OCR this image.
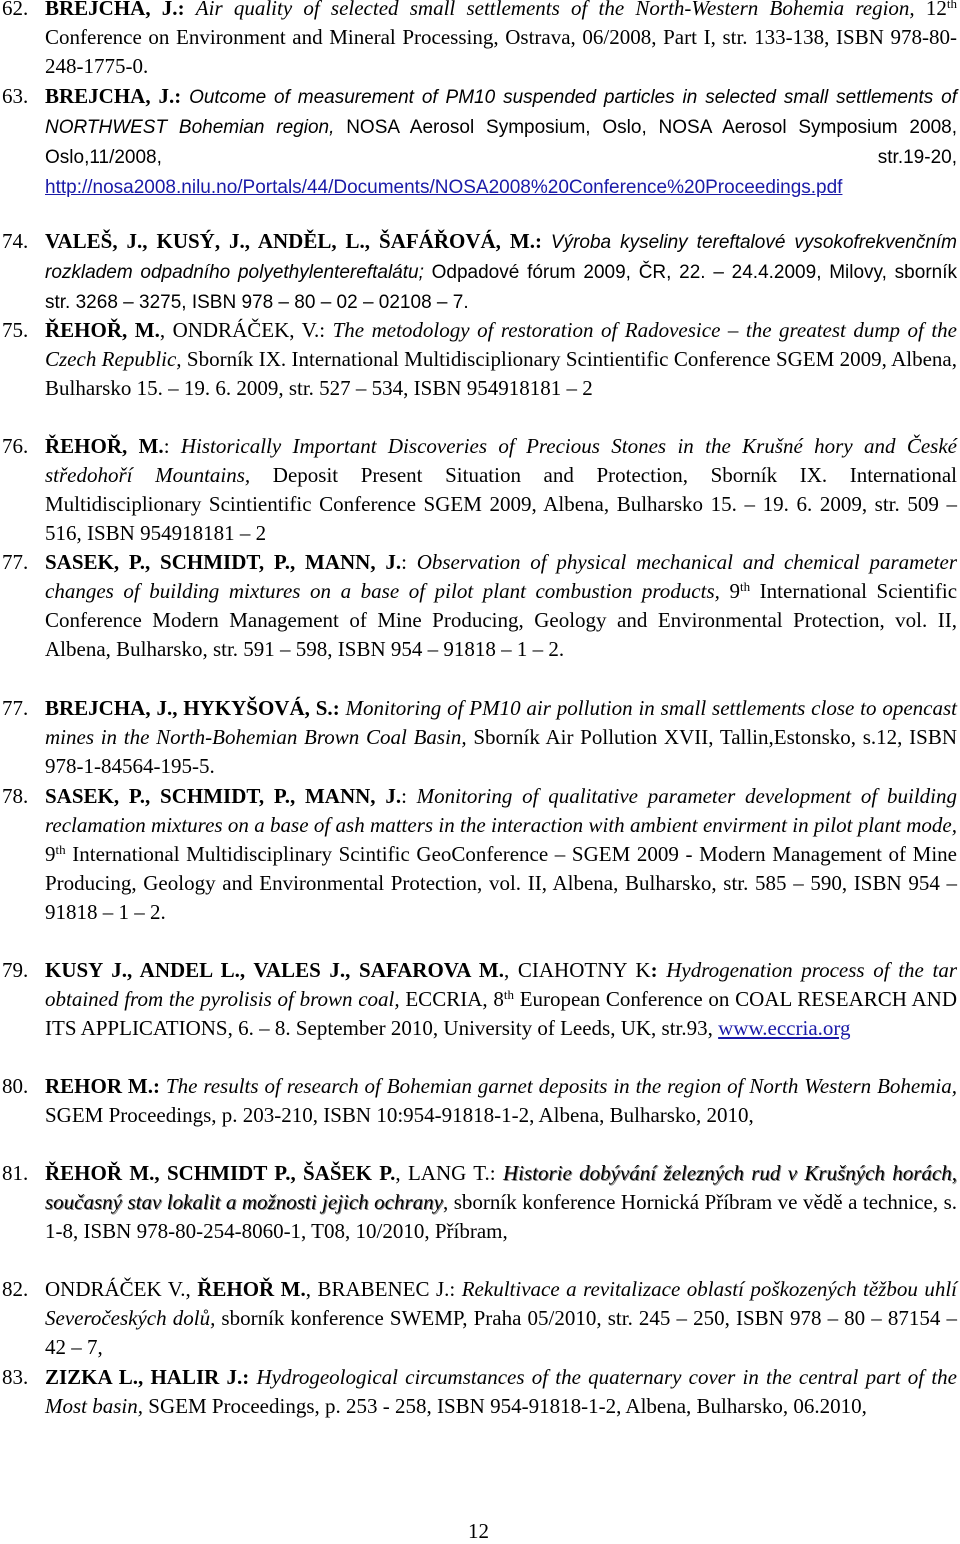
62. BREJCHA, J.: Air quality of selected small settlements of the North-Western Bohemia region, 12th Conference on Environment and Mineral Processing, Ostrava, 06/2008, Part I, str. 133-138, ISBN 978-80-248-1775-0.
63. BREJCHA, J.: Outcome of measurement of PM10 suspended particles in selected small settlements of NORTHWEST Bohemian region, NOSA Aerosol Symposium, Oslo, NOSA Aerosol Symposium 2008, Oslo,11/2008, str.19-20, http://nosa2008.nilu.no/Portals/44/Documents/NOSA2008%20Conference%20Proceedings.pdf
74. VALEŠ, J., KUSÝ, J., ANDĚL, L., ŠAFÁŘOVÁ, M.: Výroba kyseliny tereftalové vysokofrekvenčním rozkladem odpadního polyethylentereftalátu; Odpadové fórum 2009, ČR, 22. – 24.4.2009, Milovy, sborník str. 3268 – 3275, ISBN 978 – 80 – 02 – 02108 – 7.
75. ŘEHOŘ, M., ONDRÁČEK, V.: The metodology of restoration of Radovesice – the greatest dump of the Czech Republic, Sborník IX. International Multidisciplionary Scintientific Conference SGEM 2009, Albena, Bulharsko 15. – 19. 6. 2009, str. 527 – 534, ISBN 954918181 – 2
76. ŘEHOŘ, M.: Historically Important Discoveries of Precious Stones in the Krušné hory and České středohoří Mountains, Deposit Present Situation and Protection, Sborník IX. International Multidisciplionary Scintientific Conference SGEM 2009, Albena, Bulharsko 15. – 19. 6. 2009, str. 509 – 516, ISBN 954918181 – 2
77. SASEK, P., SCHMIDT, P., MANN, J.: Observation of physical mechanical and chemical parameter changes of building mixtures on a base of pilot plant combustion products, 9th International Scientific Conference Modern Management of Mine Producing, Geology and Environmental Protection, vol. II, Albena, Bulharsko, str. 591 – 598, ISBN 954 – 91818 – 1 – 2.
77. BREJCHA, J., HYKYŠOVÁ, S.: Monitoring of PM10 air pollution in small settlements close to opencast mines in the North-Bohemian Brown Coal Basin, Sborník Air Pollution XVII, Tallin,Estonsko, s.12, ISBN 978-1-84564-195-5.
78. SASEK, P., SCHMIDT, P., MANN, J.: Monitoring of qualitative parameter development of building reclamation mixtures on a base of ash matters in the interaction with ambient envirment in pilot plant mode, 9th International Multidisciplinary Scintific GeoConference – SGEM 2009 - Modern Management of Mine Producing, Geology and Environmental Protection, vol. II, Albena, Bulharsko, str. 585 – 590, ISBN 954 – 91818 – 1 – 2.
79. KUSY J., ANDEL L., VALES J., SAFAROVA M., CIAHOTNY K: Hydrogenation process of the tar obtained from the pyrolisis of brown coal, ECCRIA, 8th European Conference on COAL RESEARCH AND ITS APPLICATIONS, 6. – 8. September 2010, University of Leeds, UK, str.93, www.eccria.org
80. REHOR M.: The results of research of Bohemian garnet deposits in the region of North Western Bohemia, SGEM Proceedings, p. 203-210, ISBN 10:954-91818-1-2, Albena, Bulharsko, 2010,
81. ŘEHOŘ M., SCHMIDT P., ŠAŠEK P., LANG T.: Historie dobývání železných rud v Krušných horách, současný stav lokalit a možnosti jejich ochrany, sborník konference Hornická Příbram ve vědě a technice, s. 1-8, ISBN 978-80-254-8060-1, T08, 10/2010, Příbram,
82. ONDRÁČEK V., ŘEHOŘ M., BRABENEC J.: Rekultivace a revitalizace oblastí poškozených těžbou uhlí Severočeských dolů, sborník konference SWEMP, Praha 05/2010, str. 245 – 250, ISBN 978 – 80 – 87154 – 42 – 7,
83. ZIZKA L., HALIR J.: Hydrogeological circumstances of the quaternary cover in the central part of the Most basin, SGEM Proceedings, p. 253 - 258, ISBN 954-91818-1-2, Albena, Bulharsko, 06.2010,
12
